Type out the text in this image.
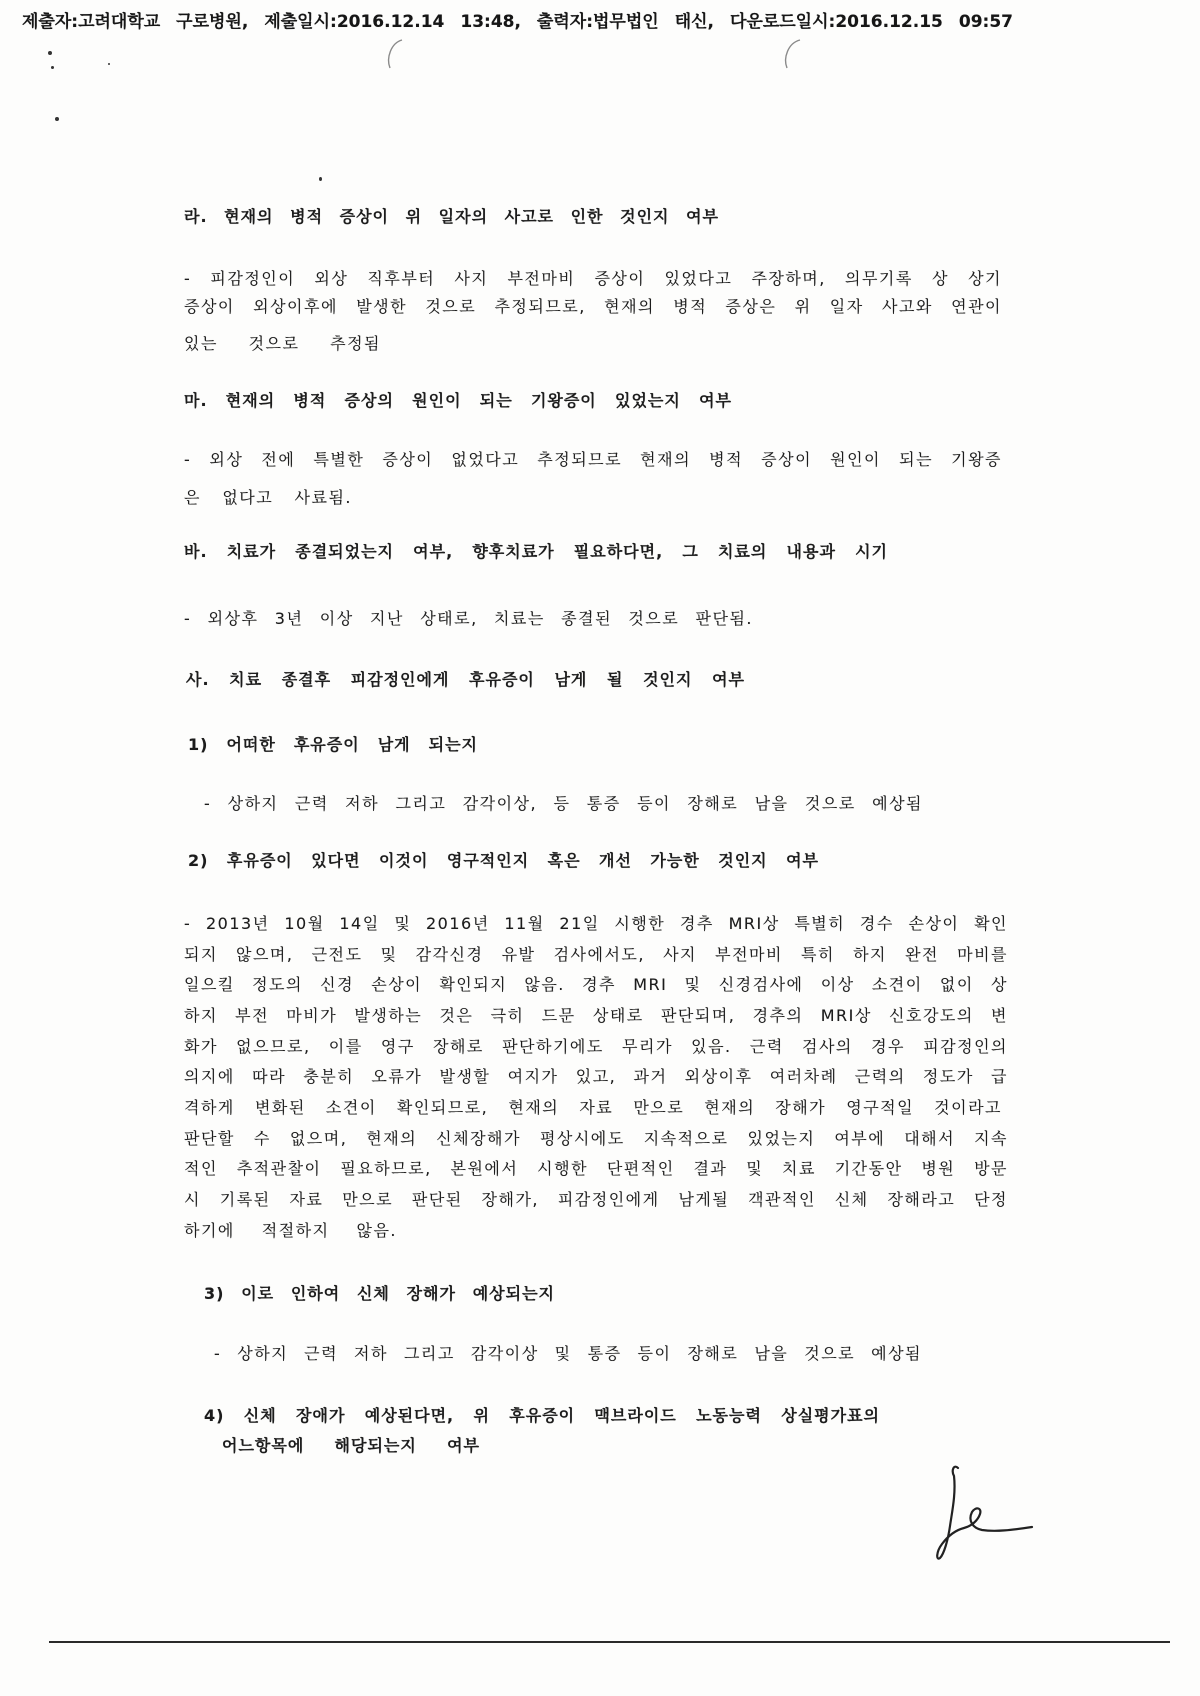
제출자:고려대학교 구로병원, 제출일시:2016.12.14 13:48, 출력자:법무법인 태신, 다운로드일시:2016.12.15 09:57
라. 현재의 병적 증상이 위 일자의 사고로 인한 것인지 여부
- 피감정인이 외상 직후부터 사지 부전마비 증상이 있었다고 주장하며, 의무기록 상 상기
증상이 외상이후에 발생한 것으로 추정되므로, 현재의 병적 증상은 위 일자 사고와 연관이
있는 것으로 추정됨
마. 현재의 병적 증상의 원인이 되는 기왕증이 있었는지 여부
- 외상 전에 특별한 증상이 없었다고 추정되므로 현재의 병적 증상이 원인이 되는 기왕증
은 없다고 사료됨.
바. 치료가 종결되었는지 여부, 향후치료가 필요하다면, 그 치료의 내용과 시기
- 외상후 3년 이상 지난 상태로, 치료는 종결된 것으로 판단됨.
사. 치료 종결후 피감정인에게 후유증이 남게 될 것인지 여부
1) 어떠한 후유증이 남게 되는지
- 상하지 근력 저하 그리고 감각이상, 등 통증 등이 장해로 남을 것으로 예상됨
2) 후유증이 있다면 이것이 영구적인지 혹은 개선 가능한 것인지 여부
- 2013년 10월 14일 및 2016년 11월 21일 시행한 경추 MRI상 특별히 경수 손상이 확인
되지 않으며, 근전도 및 감각신경 유발 검사에서도, 사지 부전마비 특히 하지 완전 마비를
일으킬 정도의 신경 손상이 확인되지 않음. 경추 MRI 및 신경검사에 이상 소견이 없이 상
하지 부전 마비가 발생하는 것은 극히 드문 상태로 판단되며, 경추의 MRI상 신호강도의 변
화가 없으므로, 이를 영구 장해로 판단하기에도 무리가 있음. 근력 검사의 경우 피감정인의
의지에 따라 충분히 오류가 발생할 여지가 있고, 과거 외상이후 여러차례 근력의 정도가 급
격하게 변화된 소견이 확인되므로, 현재의 자료 만으로 현재의 장해가 영구적일 것이라고
판단할 수 없으며, 현재의 신체장해가 평상시에도 지속적으로 있었는지 여부에 대해서 지속
적인 추적관찰이 필요하므로, 본원에서 시행한 단편적인 결과 및 치료 기간동안 병원 방문
시 기록된 자료 만으로 판단된 장해가, 피감정인에게 남게될 객관적인 신체 장해라고 단정
하기에 적절하지 않음.
3) 이로 인하여 신체 장해가 예상되는지
- 상하지 근력 저하 그리고 감각이상 및 통증 등이 장해로 남을 것으로 예상됨
4) 신체 장애가 예상된다면, 위 후유증이 맥브라이드 노동능력 상실평가표의
어느항목에 해당되는지 여부
